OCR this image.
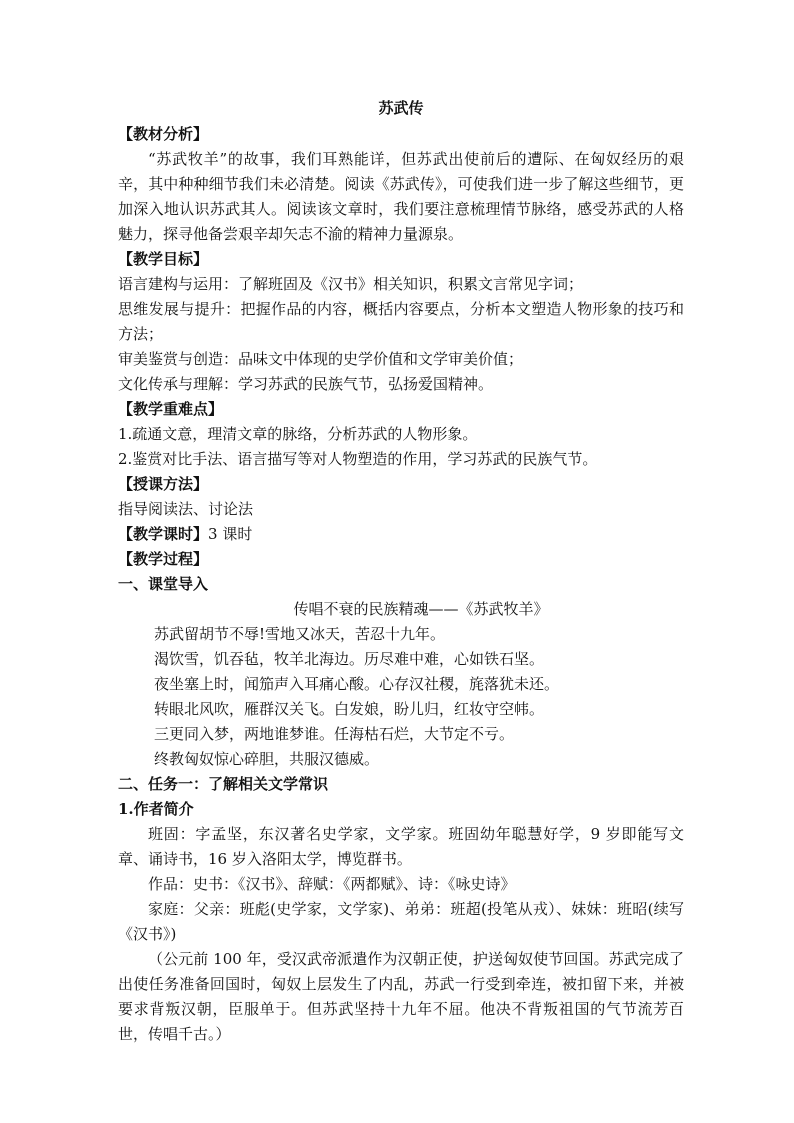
苏武传

【教材分析】

“苏武牧羊”的故事，我们耳熟能详，但苏武出使前后的遭际、在匈奴经历的艰辛，其中种种细节我们未必清楚。阅读《苏武传》，可使我们进一步了解这些细节，更加深入地认识苏武其人。阅读该文章时，我们要注意梳理情节脉络，感受苏武的人格魅力，探寻他备尝艰辛却矢志不渝的精神力量源泉。

【教学目标】

语言建构与运用：了解班固及《汉书》相关知识，积累文言常见字词；

思维发展与提升：把握作品的内容，概括内容要点，分析本文塑造人物形象的技巧和方法；

审美鉴赏与创造：品味文中体现的史学价值和文学审美价值；

文化传承与理解：学习苏武的民族气节，弘扬爱国精神。

【教学重难点】

1.疏通文意，理清文章的脉络，分析苏武的人物形象。

2.鉴赏对比手法、语言描写等对人物塑造的作用，学习苏武的民族气节。

【授课方法】

指导阅读法、讨论法

【教学课时】3 课时

【教学过程】

一、课堂导入

传唱不衰的民族精魂——《苏武牧羊》

苏武留胡节不辱!雪地又冰天，苦忍十九年。

渴饮雪，饥吞毡，牧羊北海边。历尽难中难，心如铁石坚。

夜坐塞上时，闻笳声入耳痛心酸。心存汉社稷，旄落犹未还。

转眼北风吹，雁群汉关飞。白发娘，盼儿归，红妆守空帏。

三更同入梦，两地谁梦谁。任海枯石烂，大节定不亏。

终教匈奴惊心碎胆，共服汉德威。

二、任务一：了解相关文学常识

1.作者简介

班固：字孟坚，东汉著名史学家，文学家。班固幼年聪慧好学，9 岁即能写文章、诵诗书，16 岁入洛阳太学，博览群书。

作品：史书：《汉书》、辞赋：《两都赋》、诗：《咏史诗》

家庭：父亲：班彪(史学家，文学家)、弟弟：班超(投笔从戎）、妹妹：班昭(续写《汉书》)

（公元前 100 年，受汉武帝派遣作为汉朝正使，护送匈奴使节回国。苏武完成了出使任务准备回国时，匈奴上层发生了内乱，苏武一行受到牵连，被扣留下来，并被要求背叛汉朝，臣服单于。但苏武坚持十九年不屈。他决不背叛祖国的气节流芳百世，传唱千古。）
